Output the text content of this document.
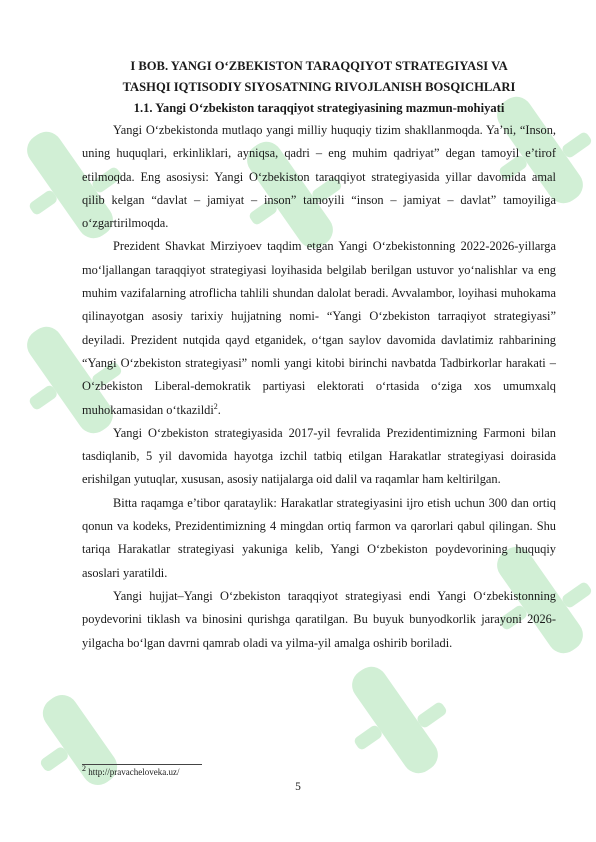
I BOB. YANGI O‘ZBEKISTON TARAQQIYOT STRATEGIYASI VA

TASHQI IQTISODIY SIYOSATNING RIVOJLANISH BOSQICHLARI

1.1. Yangi O‘zbekiston taraqqiyot strategiyasining mazmun-mohiyati

Yangi O‘zbekistonda mutlaqo yangi milliy huquqiy tizim shakllanmoqda. Ya’ni, “Inson, uning huquqlari, erkinliklari, ayniqsa, qadri – eng muhim qadriyat” degan tamoyil e’tirof etilmoqda. Eng asosiysi: Yangi O‘zbekiston taraqqiyot strategiyasida yillar davomida amal qilib kelgan “davlat – jamiyat – inson” tamoyili “inson – jamiyat – davlat” tamoyiliga o‘zgartirilmoqda.

Prezident Shavkat Mirziyoev taqdim etgan Yangi O‘zbekistonning 2022-2026-yillarga mo‘ljallangan taraqqiyot strategiyasi loyihasida belgilab berilgan ustuvor yo‘nalishlar va eng muhim vazifalarning atroflicha tahlili shundan dalolat beradi. Avvalambor, loyihasi muhokama qilinayotgan asosiy tarixiy hujjatning nomi- “Yangi O‘zbekiston tarraqiyot strategiyasi” deyiladi. Prezident nutqida qayd etganidek, o‘tgan saylov davomida davlatimiz rahbarining “Yangi O‘zbekiston strategiyasi” nomli yangi kitobi birinchi navbatda Tadbirkorlar harakati – O‘zbekiston Liberal-demokratik partiyasi elektorati o‘rtasida o‘ziga xos umumxalq muhokamasidan o‘tkazildi$^2$.

Yangi O‘zbekiston strategiyasida 2017-yil fevralida Prezidentimizning Farmoni bilan tasdiqlanib, 5 yil davomida hayotga izchil tatbiq etilgan Harakatlar strategiyasi doirasida erishilgan yutuqlar, xususan, asosiy natijalarga oid dalil va raqamlar ham keltirilgan.

Bitta raqamga e’tibor qarataylik: Harakatlar strategiyasini ijro etish uchun 300 dan ortiq qonun va kodeks, Prezidentimizning 4 mingdan ortiq farmon va qarorlari qabul qilingan. Shu tariqa Harakatlar strategiyasi yakuniga kelib, Yangi O‘zbekiston poydevorining huquqiy asoslari yaratildi.

Yangi hujjat–Yangi O‘zbekiston taraqqiyot strategiyasi endi Yangi O‘zbekistonning poydevorini tiklash va binosini qurishga qaratilgan. Bu buyuk bunyodkorlik jarayoni 2026-yilgacha bo‘lgan davrni qamrab oladi va yilma-yil amalga oshirib boriladi.

$^2$ http://pravacheloveka.uz/
5
